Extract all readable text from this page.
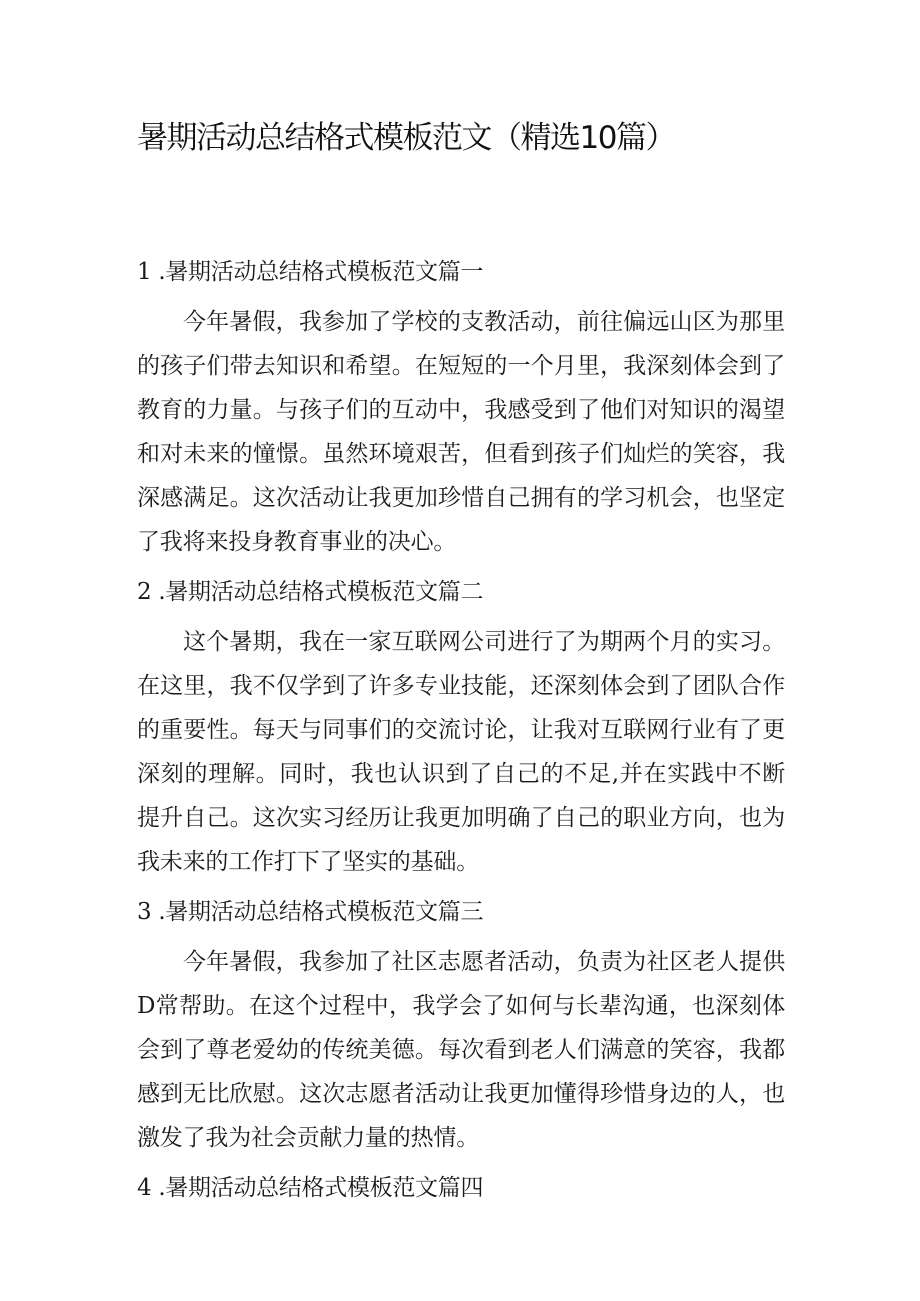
暑期活动总结格式模板范文（精选10篇）
1 .暑期活动总结格式模板范文篇一
今年暑假，我参加了学校的支教活动，前往偏远山区为那里
的孩子们带去知识和希望。在短短的一个月里，我深刻体会到了
教育的力量。与孩子们的互动中，我感受到了他们对知识的渴望
和对未来的憧憬。虽然环境艰苦，但看到孩子们灿烂的笑容，我
深感满足。这次活动让我更加珍惜自己拥有的学习机会，也坚定
了我将来投身教育事业的决心。
2 .暑期活动总结格式模板范文篇二
这个暑期，我在一家互联网公司进行了为期两个月的实习。
在这里，我不仅学到了许多专业技能，还深刻体会到了团队合作
的重要性。每天与同事们的交流讨论，让我对互联网行业有了更
深刻的理解。同时，我也认识到了自己的不足,并在实践中不断
提升自己。这次实习经历让我更加明确了自己的职业方向，也为
我未来的工作打下了坚实的基础。
3 .暑期活动总结格式模板范文篇三
今年暑假，我参加了社区志愿者活动，负责为社区老人提供
D常帮助。在这个过程中，我学会了如何与长辈沟通，也深刻体
会到了尊老爱幼的传统美德。每次看到老人们满意的笑容，我都
感到无比欣慰。这次志愿者活动让我更加懂得珍惜身边的人，也
激发了我为社会贡献力量的热情。
4 .暑期活动总结格式模板范文篇四
